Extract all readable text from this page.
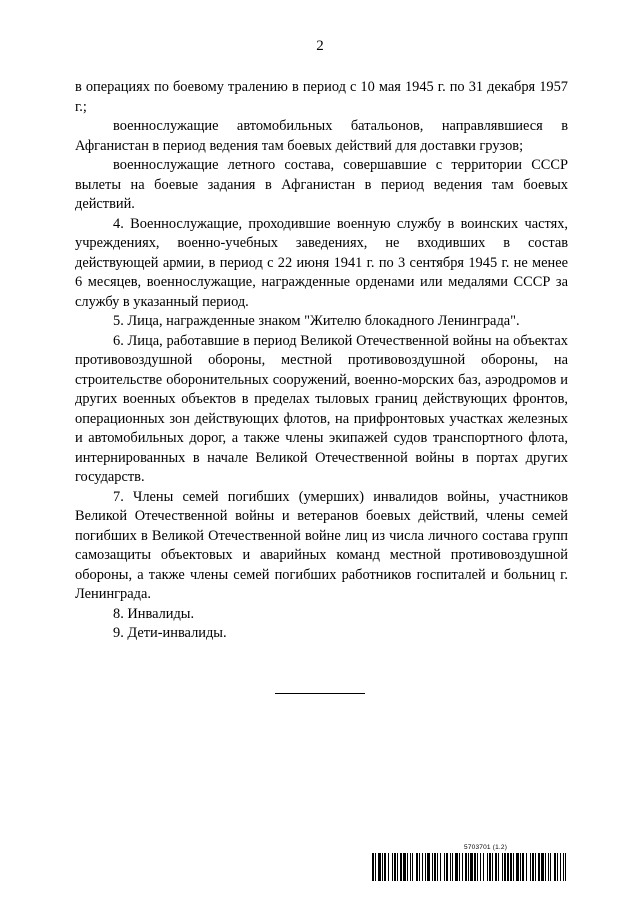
2

в операциях по боевому тралению в период с 10 мая 1945 г. по 31 декабря 1957 г.;

военнослужащие автомобильных батальонов, направлявшиеся в Афганистан в период ведения там боевых действий для доставки грузов;

военнослужащие летного состава, совершавшие с территории СССР вылеты на боевые задания в Афганистан в период ведения там боевых действий.

4. Военнослужащие, проходившие военную службу в воинских частях, учреждениях, военно-учебных заведениях, не входивших в состав действующей армии, в период с 22 июня 1941 г. по 3 сентября 1945 г. не менее 6 месяцев, военнослужащие, награжденные орденами или медалями СССР за службу в указанный период.

5. Лица, награжденные знаком "Жителю блокадного Ленинграда".

6. Лица, работавшие в период Великой Отечественной войны на объектах противовоздушной обороны, местной противовоздушной обороны, на строительстве оборонительных сооружений, военно-морских баз, аэродромов и других военных объектов в пределах тыловых границ действующих фронтов, операционных зон действующих флотов, на прифронтовых участках железных и автомобильных дорог, а также члены экипажей судов транспортного флота, интернированных в начале Великой Отечественной войны в портах других государств.

7. Члены семей погибших (умерших) инвалидов войны, участников Великой Отечественной войны и ветеранов боевых действий, члены семей погибших в Великой Отечественной войне лиц из числа личного состава групп самозащиты объектовых и аварийных команд местной противовоздушной обороны, а также члены семей погибших работников госпиталей и больниц г. Ленинграда.

8. Инвалиды.

9. Дети-инвалиды.

5703701 (1.2)
